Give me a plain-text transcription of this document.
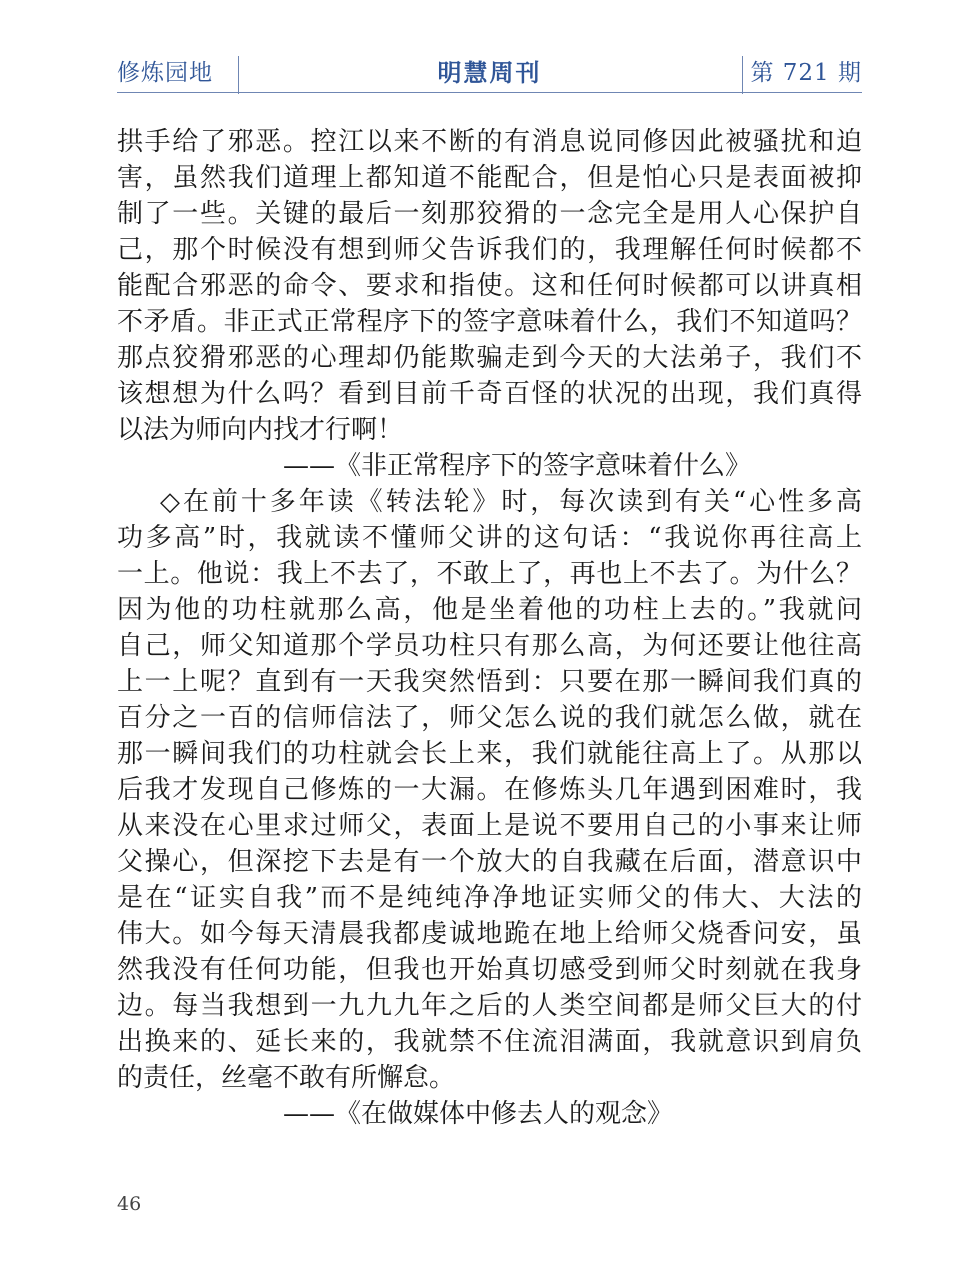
修炼园地	明慧周刊	第 721 期
拱手给了邪恶。控江以来不断的有消息说同修因此被骚扰和迫
害，虽然我们道理上都知道不能配合，但是怕心只是表面被抑
制了一些。关键的最后一刻那狡猾的一念完全是用人心保护自
己，那个时候没有想到师父告诉我们的，我理解任何时候都不
能配合邪恶的命令、要求和指使。这和任何时候都可以讲真相
不矛盾。非正式正常程序下的签字意味着什么，我们不知道吗？
那点狡猾邪恶的心理却仍能欺骗走到今天的大法弟子，我们不
该想想为什么吗？看到目前千奇百怪的状况的出现，我们真得
以法为师向内找才行啊！
——《非正常程序下的签字意味着什么》
◇在前十多年读《转法轮》时，每次读到有关“心性多高
功多高”时，我就读不懂师父讲的这句话：“我说你再往高上
一上。他说：我上不去了，不敢上了，再也上不去了。为什么？
因为他的功柱就那么高，他是坐着他的功柱上去的。”我就问
自己，师父知道那个学员功柱只有那么高，为何还要让他往高
上一上呢？直到有一天我突然悟到：只要在那一瞬间我们真的
百分之一百的信师信法了，师父怎么说的我们就怎么做，就在
那一瞬间我们的功柱就会长上来，我们就能往高上了。从那以
后我才发现自己修炼的一大漏。在修炼头几年遇到困难时，我
从来没在心里求过师父，表面上是说不要用自己的小事来让师
父操心，但深挖下去是有一个放大的自我藏在后面，潜意识中
是在“证实自我”而不是纯纯净净地证实师父的伟大、大法的
伟大。如今每天清晨我都虔诚地跪在地上给师父烧香问安，虽
然我没有任何功能，但我也开始真切感受到师父时刻就在我身
边。每当我想到一九九九年之后的人类空间都是师父巨大的付
出换来的、延长来的，我就禁不住流泪满面，我就意识到肩负
的责任，丝毫不敢有所懈怠。
——《在做媒体中修去人的观念》
46
